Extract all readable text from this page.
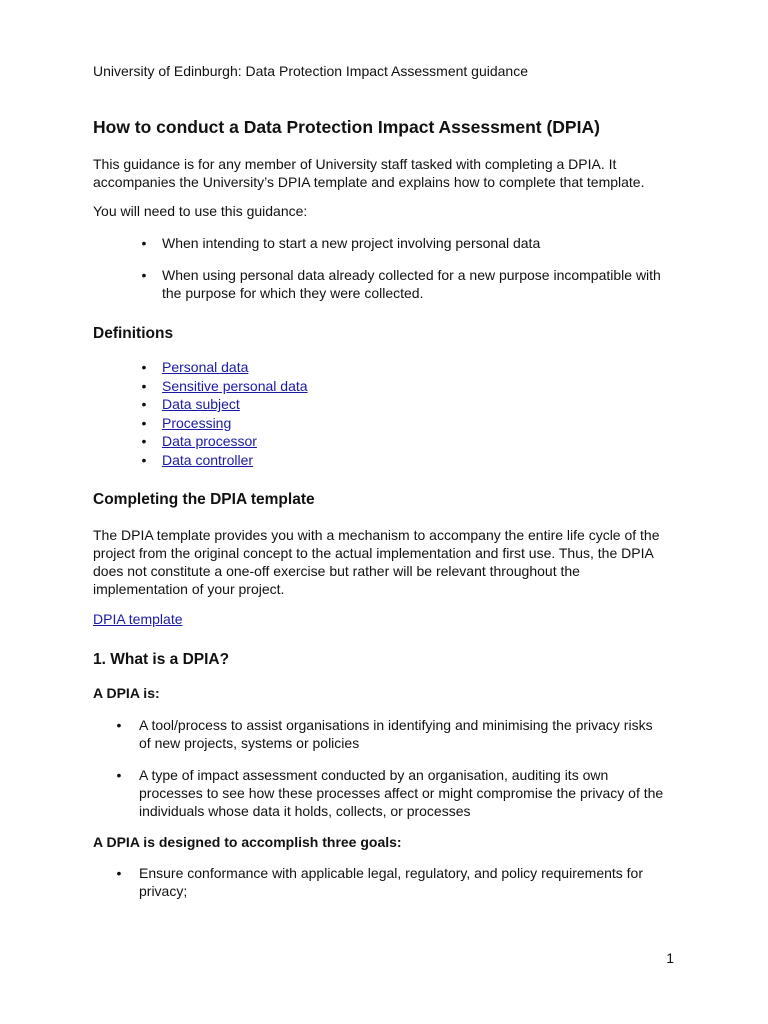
University of Edinburgh: Data Protection Impact Assessment guidance

How to conduct a Data Protection Impact Assessment (DPIA)

This guidance is for any member of University staff tasked with completing a DPIA. It
accompanies the University’s DPIA template and explains how to complete that template.

You will need to use this guidance:

• When intending to start a new project involving personal data
• When using personal data already collected for a new purpose incompatible with
the purpose for which they were collected.
Definitions
• Personal data
• Sensitive personal data
• Data subject
• Processing
• Data processor
• Data controller
Completing the DPIA template

The DPIA template provides you with a mechanism to accompany the entire life cycle of the
project from the original concept to the actual implementation and first use. Thus, the DPIA
does not constitute a one-off exercise but rather will be relevant throughout the
implementation of your project.

DPIA template

1. What is a DPIA?

A DPIA is:

• A tool/process to assist organisations in identifying and minimising the privacy risks
of new projects, systems or policies
• A type of impact assessment conducted by an organisation, auditing its own
processes to see how these processes affect or might compromise the privacy of the
individuals whose data it holds, collects, or processes

A DPIA is designed to accomplish three goals:

• Ensure conformance with applicable legal, regulatory, and policy requirements for
privacy;
1
